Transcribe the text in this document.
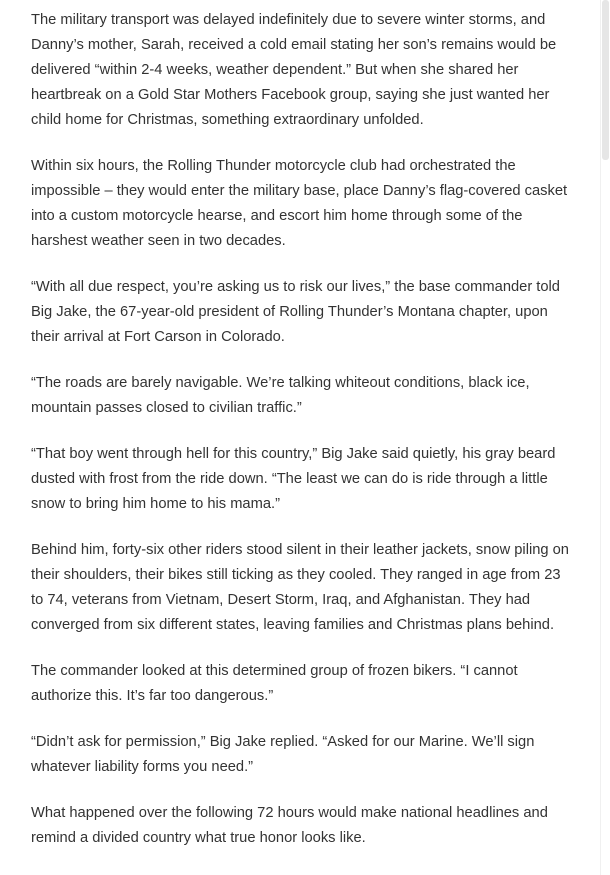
The military transport was delayed indefinitely due to severe winter storms, and Danny’s mother, Sarah, received a cold email stating her son’s remains would be delivered “within 2-4 weeks, weather dependent.” But when she shared her heartbreak on a Gold Star Mothers Facebook group, saying she just wanted her child home for Christmas, something extraordinary unfolded.

Within six hours, the Rolling Thunder motorcycle club had orchestrated the impossible – they would enter the military base, place Danny’s flag-covered casket into a custom motorcycle hearse, and escort him home through some of the harshest weather seen in two decades.

“With all due respect, you’re asking us to risk our lives,” the base commander told Big Jake, the 67-year-old president of Rolling Thunder’s Montana chapter, upon their arrival at Fort Carson in Colorado.

“The roads are barely navigable. We’re talking whiteout conditions, black ice, mountain passes closed to civilian traffic.”

“That boy went through hell for this country,” Big Jake said quietly, his gray beard dusted with frost from the ride down. “The least we can do is ride through a little snow to bring him home to his mama.”

Behind him, forty-six other riders stood silent in their leather jackets, snow piling on their shoulders, their bikes still ticking as they cooled. They ranged in age from 23 to 74, veterans from Vietnam, Desert Storm, Iraq, and Afghanistan. They had converged from six different states, leaving families and Christmas plans behind.

The commander looked at this determined group of frozen bikers. “I cannot authorize this. It’s far too dangerous.”

“Didn’t ask for permission,” Big Jake replied. “Asked for our Marine. We’ll sign whatever liability forms you need.”

What happened over the following 72 hours would make national headlines and remind a divided country what true honor looks like.
